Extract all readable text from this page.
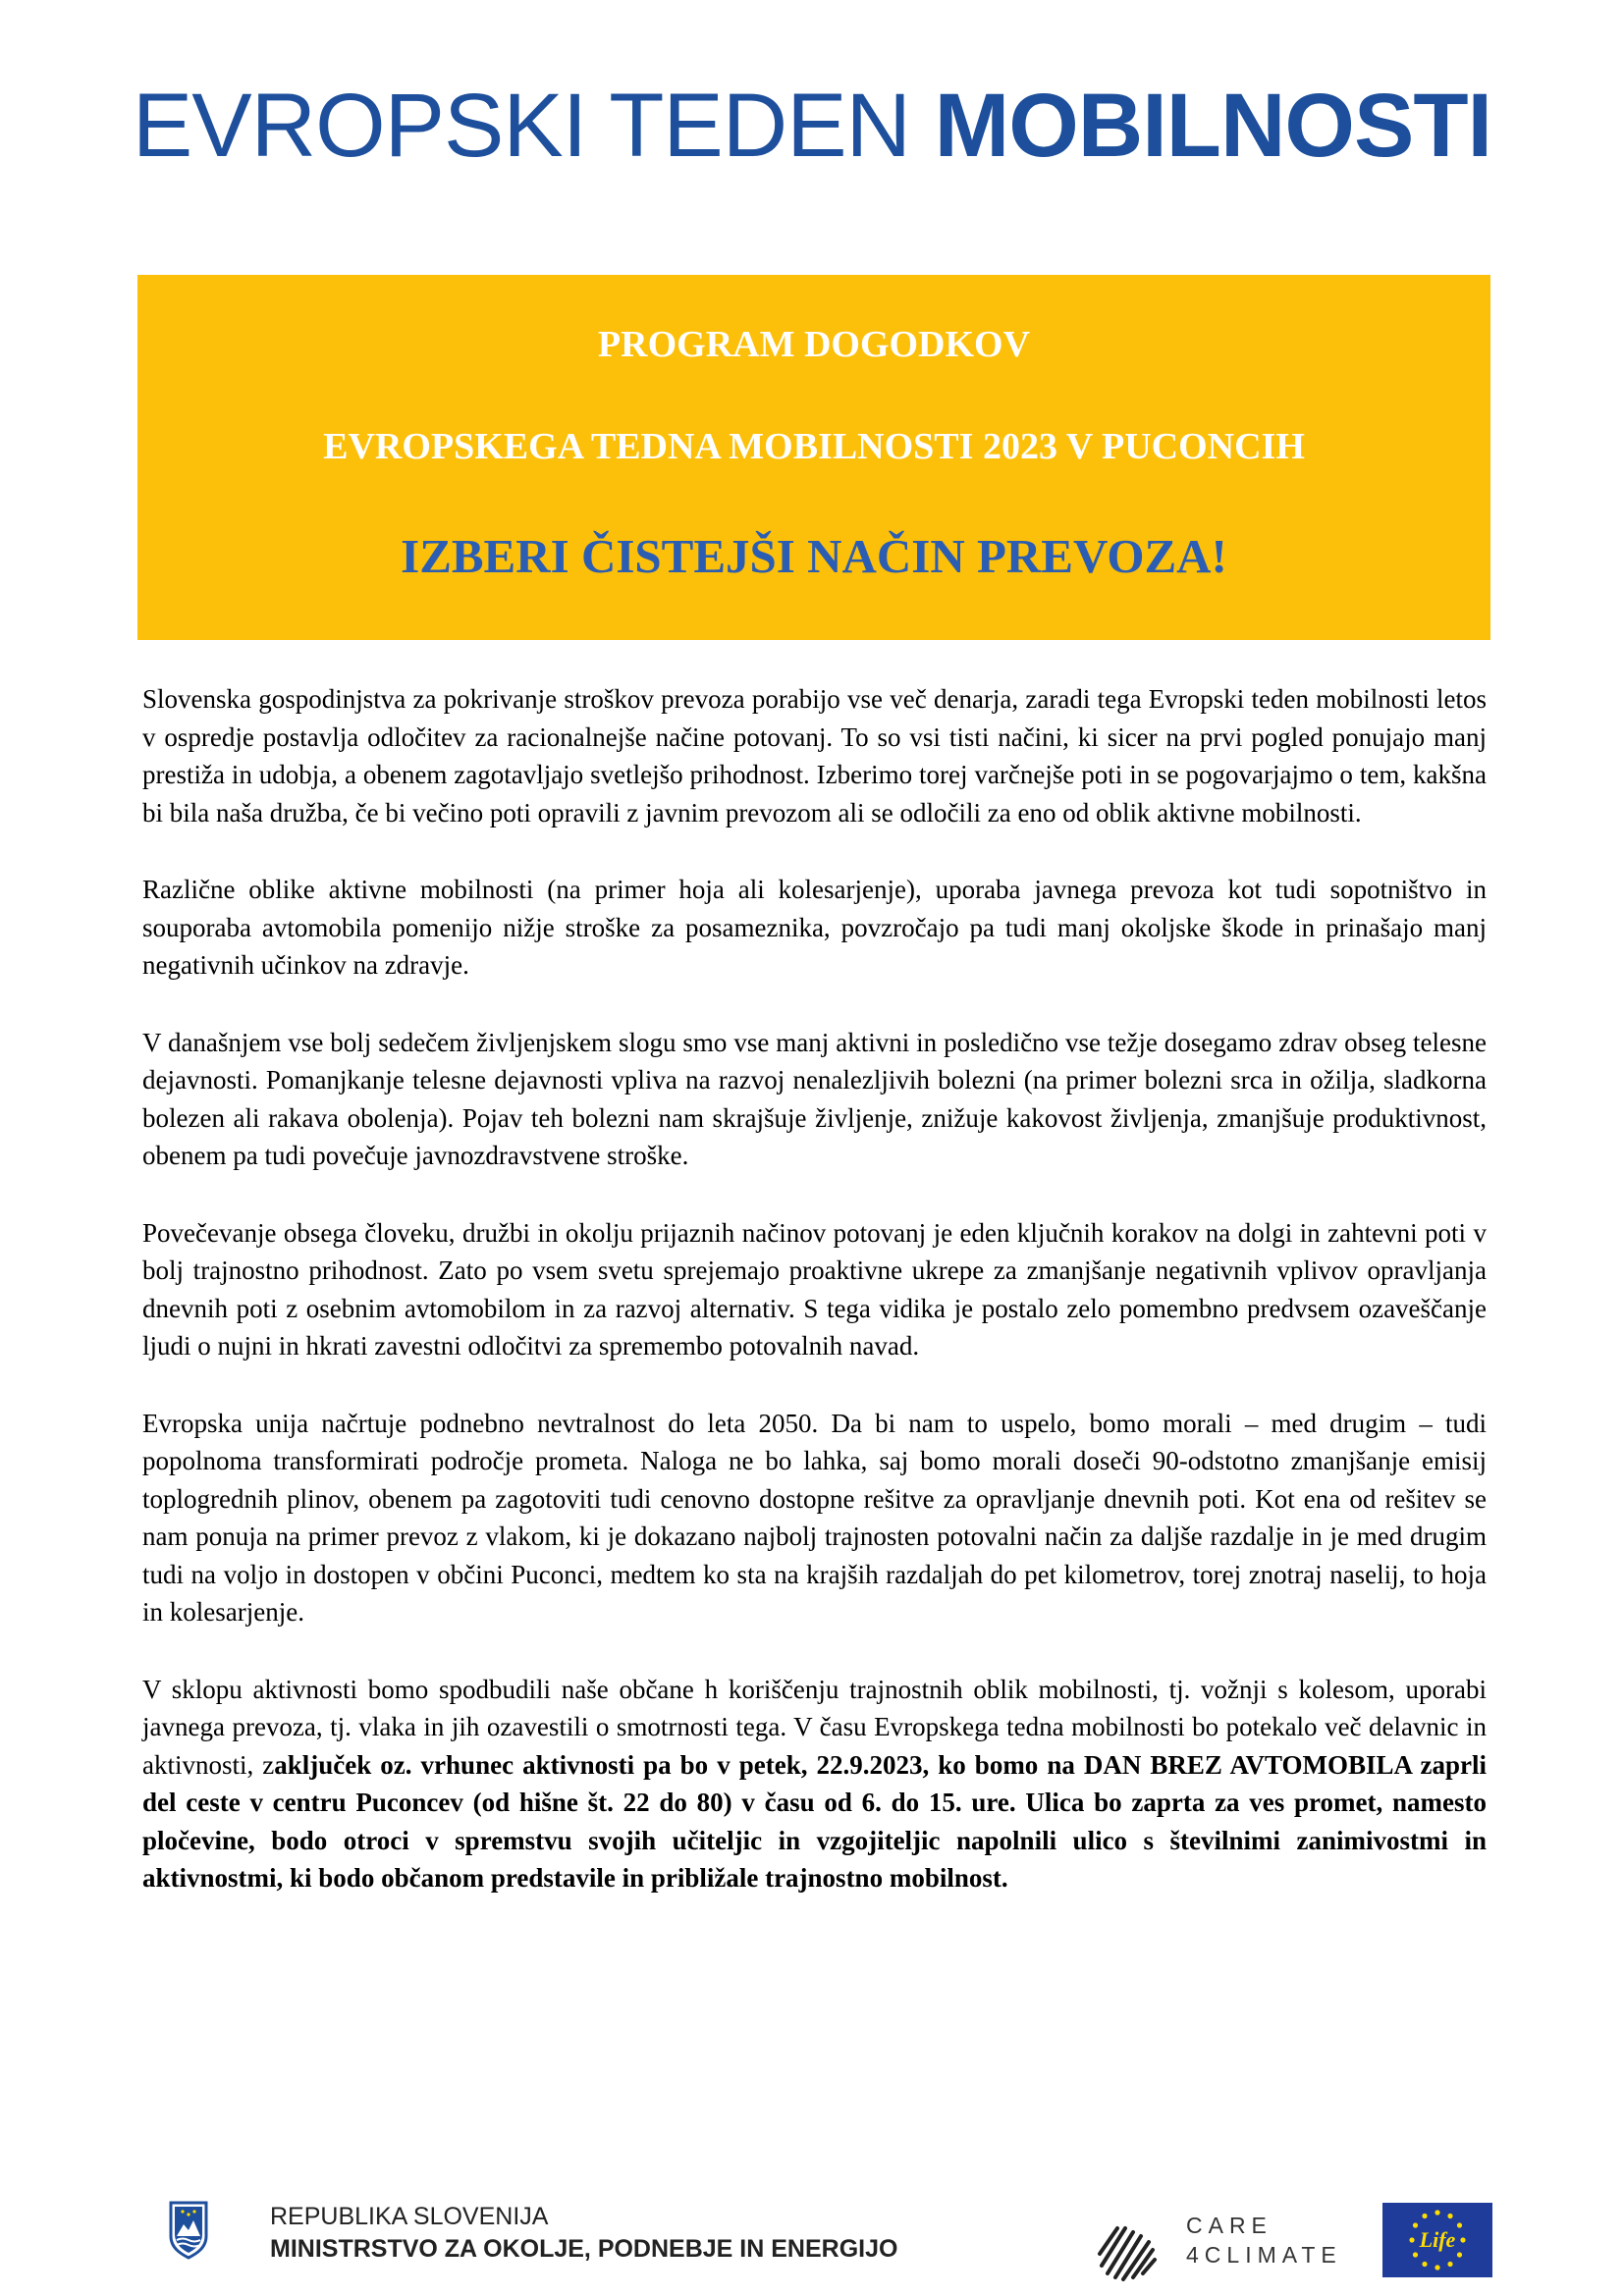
EVROPSKI TEDEN MOBILNOSTI
PROGRAM DOGODKOV
EVROPSKEGA TEDNA MOBILNOSTI 2023 V PUCONCIH
IZBERI ČISTEJŠI NAČIN PREVOZA!

Slovenska gospodinjstva za pokrivanje stroškov prevoza porabijo vse več denarja, zaradi tega Evropski teden mobilnosti letos v ospredje postavlja odločitev za racionalnejše načine potovanj. To so vsi tisti načini, ki sicer na prvi pogled ponujajo manj prestiža in udobja, a obenem zagotavljajo svetlejšo prihodnost. Izberimo torej varčnejše poti in se pogovarjajmo o tem, kakšna bi bila naša družba, če bi večino poti opravili z javnim prevozom ali se odločili za eno od oblik aktivne mobilnosti.

Različne oblike aktivne mobilnosti (na primer hoja ali kolesarjenje), uporaba javnega prevoza kot tudi sopotništvo in souporaba avtomobila pomenijo nižje stroške za posameznika, povzročajo pa tudi manj okoljske škode in prinašajo manj negativnih učinkov na zdravje.

V današnjem vse bolj sedečem življenjskem slogu smo vse manj aktivni in posledično vse težje dosegamo zdrav obseg telesne dejavnosti. Pomanjkanje telesne dejavnosti vpliva na razvoj nenalezljivih bolezni (na primer bolezni srca in ožilja, sladkorna bolezen ali rakava obolenja). Pojav teh bolezni nam skrajšuje življenje, znižuje kakovost življenja, zmanjšuje produktivnost, obenem pa tudi povečuje javnozdravstvene stroške.

Povečevanje obsega človeku, družbi in okolju prijaznih načinov potovanj je eden ključnih korakov na dolgi in zahtevni poti v bolj trajnostno prihodnost. Zato po vsem svetu sprejemajo proaktivne ukrepe za zmanjšanje negativnih vplivov opravljanja dnevnih poti z osebnim avtomobilom in za razvoj alternativ. S tega vidika je postalo zelo pomembno predvsem ozaveščanje ljudi o nujni in hkrati zavestni odločitvi za spremembo potovalnih navad.

Evropska unija načrtuje podnebno nevtralnost do leta 2050. Da bi nam to uspelo, bomo morali – med drugim – tudi popolnoma transformirati področje prometa. Naloga ne bo lahka, saj bomo morali doseči 90-odstotno zmanjšanje emisij toplogrednih plinov, obenem pa zagotoviti tudi cenovno dostopne rešitve za opravljanje dnevnih poti. Kot ena od rešitev se nam ponuja na primer prevoz z vlakom, ki je dokazano najbolj trajnosten potovalni način za daljše razdalje in je med drugim tudi na voljo in dostopen v občini Puconci, medtem ko sta na krajših razdaljah do pet kilometrov, torej znotraj naselij, to hoja in kolesarjenje.

V sklopu aktivnosti bomo spodbudili naše občane h koriščenju trajnostnih oblik mobilnosti, tj. vožnji s kolesom, uporabi javnega prevoza, tj. vlaka in jih ozavestili o smotrnosti tega. V času Evropskega tedna mobilnosti bo potekalo več delavnic in aktivnosti, zaključek oz. vrhunec aktivnosti pa bo v petek, 22.9.2023, ko bomo na DAN BREZ AVTOMOBILA zaprli del ceste v centru Puconcev (od hišne št. 22 do 80) v času od 6. do 15. ure. Ulica bo zaprta za ves promet, namesto pločevine, bodo otroci v spremstvu svojih učiteljic in vzgojiteljic napolnili ulico s številnimi zanimivostmi in aktivnostmi, ki bodo občanom predstavile in približale trajnostno mobilnost.

REPUBLIKA SLOVENIJA
MINISTRSTVO ZA OKOLJE, PODNEBJE IN ENERGIJO
CARE
4CLIMATE
Life
